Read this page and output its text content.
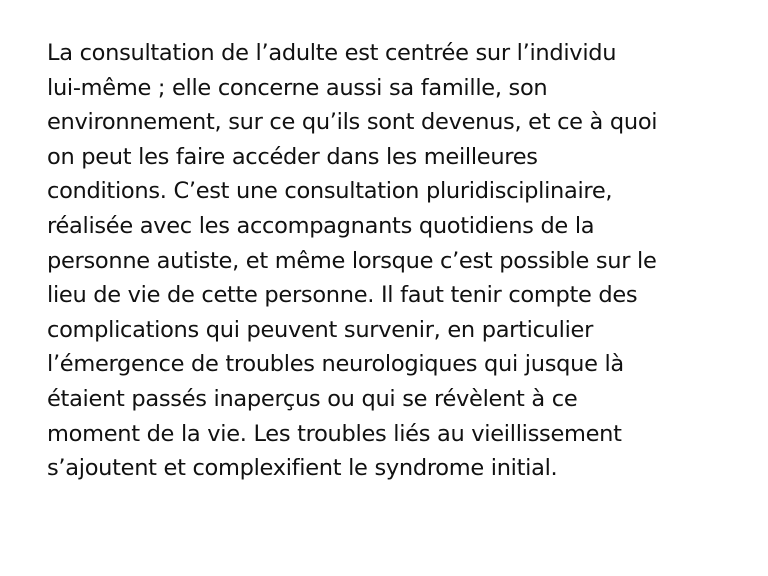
La consultation de l’adulte est centrée sur l’individu
lui-même ; elle concerne aussi sa famille, son
environnement, sur ce qu’ils sont devenus, et ce à quoi
on peut les faire accéder dans les meilleures
conditions. C’est une consultation pluridisciplinaire,
réalisée avec les accompagnants quotidiens de la
personne autiste, et même lorsque c’est possible sur le
lieu de vie de cette personne. Il faut tenir compte des
complications qui peuvent survenir, en particulier
l’émergence de troubles neurologiques qui jusque là
étaient passés inaperçus ou qui se révèlent à ce
moment de la vie. Les troubles liés au vieillissement
s’ajoutent et complexifient le syndrome initial.
